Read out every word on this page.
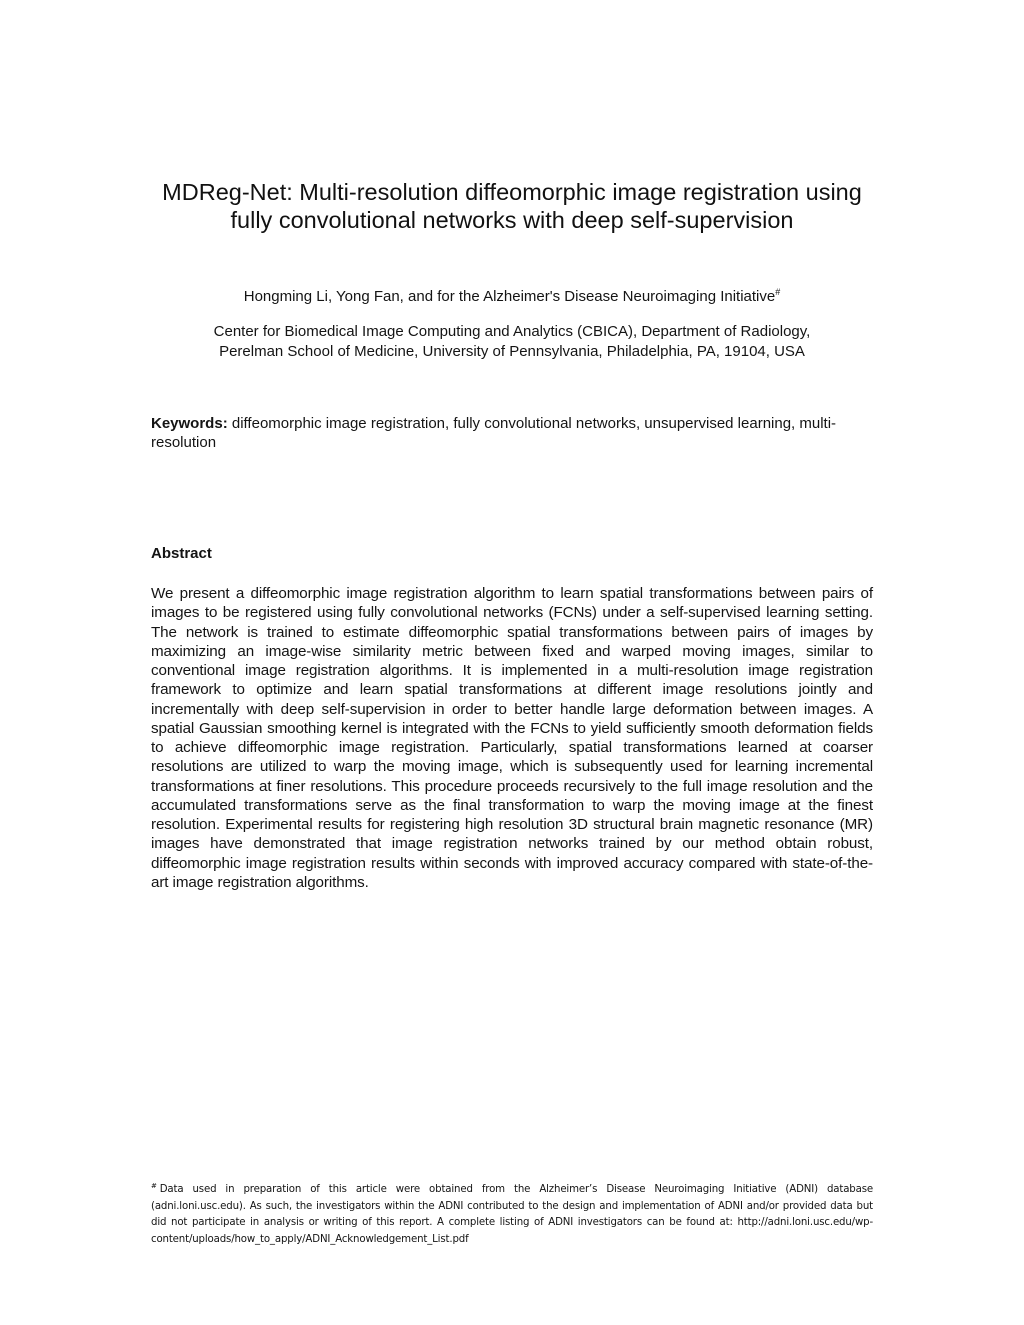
MDReg-Net: Multi-resolution diffeomorphic image registration using fully convolutional networks with deep self-supervision
Hongming Li, Yong Fan, and for the Alzheimer's Disease Neuroimaging Initiative#
Center for Biomedical Image Computing and Analytics (CBICA), Department of Radiology,
Perelman School of Medicine, University of Pennsylvania, Philadelphia, PA, 19104, USA
Keywords: diffeomorphic image registration, fully convolutional networks, unsupervised learning, multi-resolution
Abstract
We present a diffeomorphic image registration algorithm to learn spatial transformations between pairs of images to be registered using fully convolutional networks (FCNs) under a self-supervised learning setting. The network is trained to estimate diffeomorphic spatial transformations between pairs of images by maximizing an image-wise similarity metric between fixed and warped moving images, similar to conventional image registration algorithms. It is implemented in a multi-resolution image registration framework to optimize and learn spatial transformations at different image resolutions jointly and incrementally with deep self-supervision in order to better handle large deformation between images. A spatial Gaussian smoothing kernel is integrated with the FCNs to yield sufficiently smooth deformation fields to achieve diffeomorphic image registration. Particularly, spatial transformations learned at coarser resolutions are utilized to warp the moving image, which is subsequently used for learning incremental transformations at finer resolutions. This procedure proceeds recursively to the full image resolution and the accumulated transformations serve as the final transformation to warp the moving image at the finest resolution. Experimental results for registering high resolution 3D structural brain magnetic resonance (MR) images have demonstrated that image registration networks trained by our method obtain robust, diffeomorphic image registration results within seconds with improved accuracy compared with state-of-the-art image registration algorithms.
# Data used in preparation of this article were obtained from the Alzheimer’s Disease Neuroimaging Initiative (ADNI) database (adni.loni.usc.edu). As such, the investigators within the ADNI contributed to the design and implementation of ADNI and/or provided data but did not participate in analysis or writing of this report. A complete listing of ADNI investigators can be found at: http://adni.loni.usc.edu/wp-content/uploads/how_to_apply/ADNI_Acknowledgement_List.pdf
